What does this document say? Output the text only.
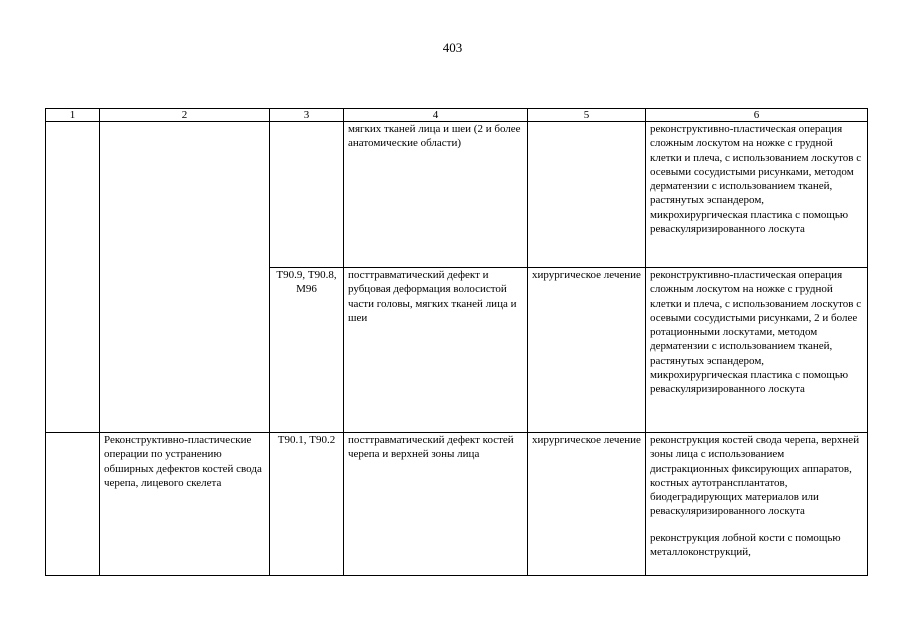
403
1	2	3	4	5	6
			мягких тканей лица и шеи (2 и более анатомические области)		реконструктивно-пластическая операция сложным лоскутом на ножке с грудной клетки и плеча, с использованием лоскутов с осевыми сосудистыми рисунками, методом дерматензии с использованием тканей, растянутых эспандером, микрохирургическая пластика с помощью реваскуляризированного лоскута

		Т90.9, Т90.8, М96	посттравматический дефект и рубцовая деформация волосистой части головы, мягких тканей лица и шеи	хирургическое лечение	реконструктивно-пластическая операция сложным лоскутом на ножке с грудной клетки и плеча, с использованием лоскутов с осевыми сосудистыми рисунками, 2 и более ротационными лоскутами, методом дерматензии с использованием тканей, растянутых эспандером, микрохирургическая пластика с помощью реваскуляризированного лоскута

	Реконструктивно-пластические операции по устранению обширных дефектов костей свода черепа, лицевого скелета	Т90.1, Т90.2	посттравматический дефект костей черепа и верхней зоны лица	хирургическое лечение	реконструкция костей свода черепа, верхней зоны лица с использованием дистракционных фиксирующих аппаратов, костных аутотрансплантатов, биодеградирующих материалов или реваскуляризированного лоскута
реконструкция лобной кости с помощью металлоконструкций,
